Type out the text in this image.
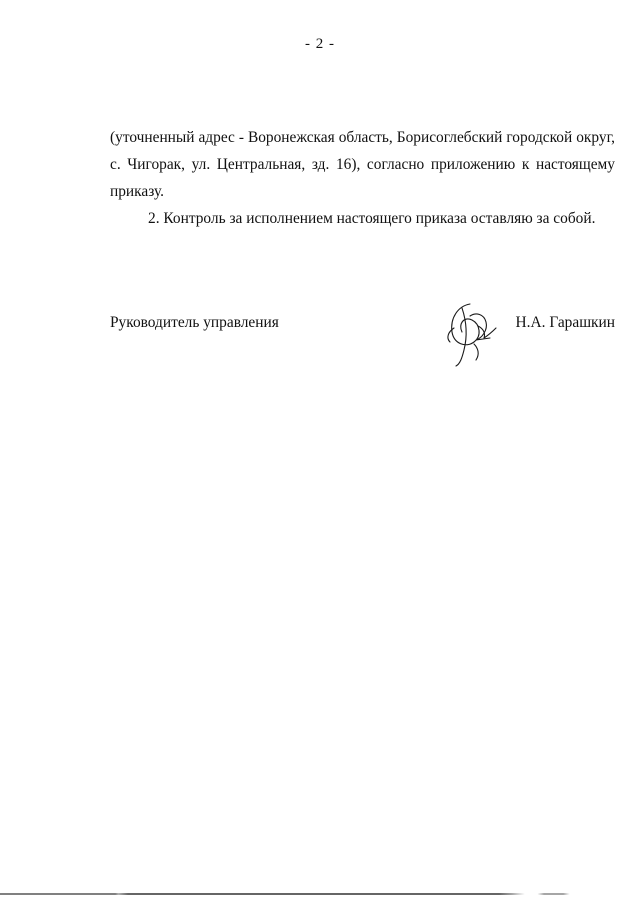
- 2 -

(уточненный адрес - Воронежская область, Борисоглебский городской округ, с. Чигорак, ул. Центральная, зд. 16), согласно приложению к настоящему приказу.

2. Контроль за исполнением настоящего приказа оставляю за собой.

Руководитель управления	Н.А. Гарашкин
